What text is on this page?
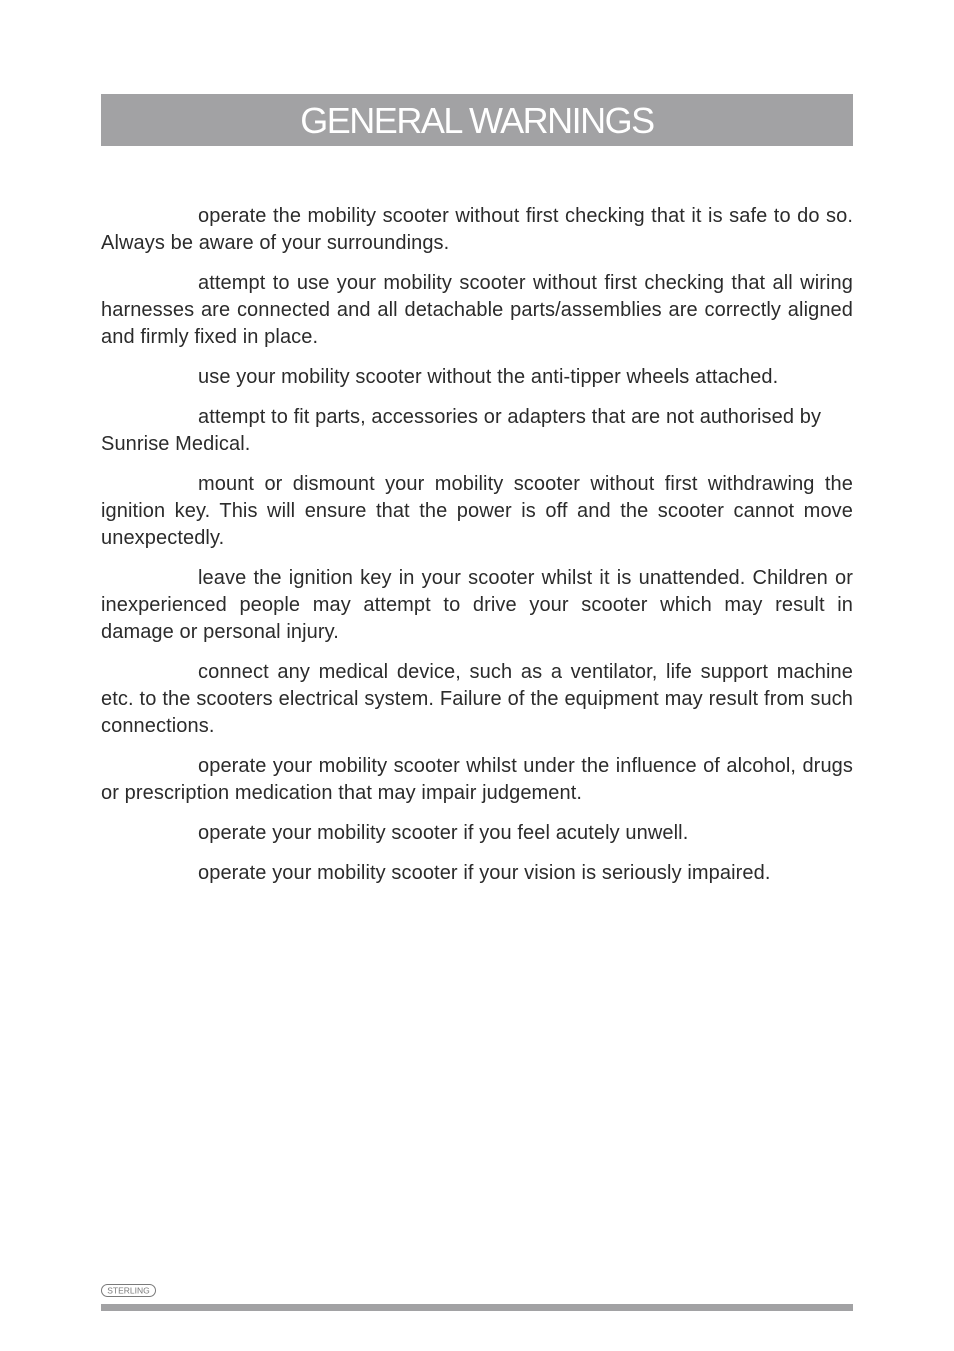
GENERAL WARNINGS

operate the mobility scooter without first checking that it is safe to do so. Always be aware of your surroundings.

attempt to use your mobility scooter without first checking that all wiring harnesses are connected and all detachable parts/assemblies are correctly aligned and firmly fixed in place.

use your mobility scooter without the anti-tipper wheels attached.

attempt to fit parts, accessories or adapters that are not authorised by Sunrise Medical.

mount or dismount your mobility scooter without first withdrawing the ignition key. This will ensure that the power is off and the scooter cannot move unexpectedly.

leave the ignition key in your scooter whilst it is unattended. Children or inexperienced people may attempt to drive your scooter which may result in damage or personal injury.

connect any medical device, such as a ventilator, life support machine etc. to the scooters electrical system. Failure of the equipment may result from such connections.

operate your mobility scooter whilst under the influence of alcohol, drugs or prescription medication that may impair judgement.

operate your mobility scooter if you feel acutely unwell.

operate your mobility scooter if your vision is seriously impaired.

STERLING
